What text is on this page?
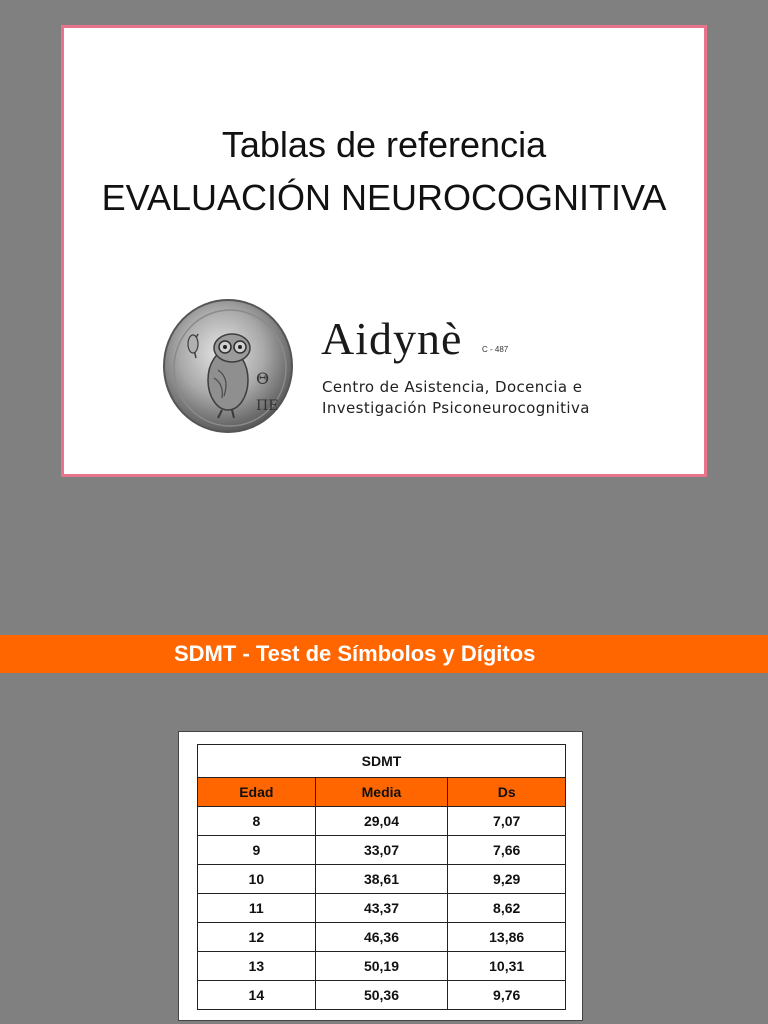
Tablas de referencia
EVALUACIÓN NEUROCOGNITIVA
Θ
ΠΕ
Aidynè C - 487
Centro de Asistencia, Docencia e
Investigación Psiconeurocognitiva
SDMT - Test de Símbolos y Dígitos
SDMT		
Edad	Media	Ds
8	29,04	7,07
9	33,07	7,66
10	38,61	9,29
11	43,37	8,62
12	46,36	13,86
13	50,19	10,31
14	50,36	9,76
